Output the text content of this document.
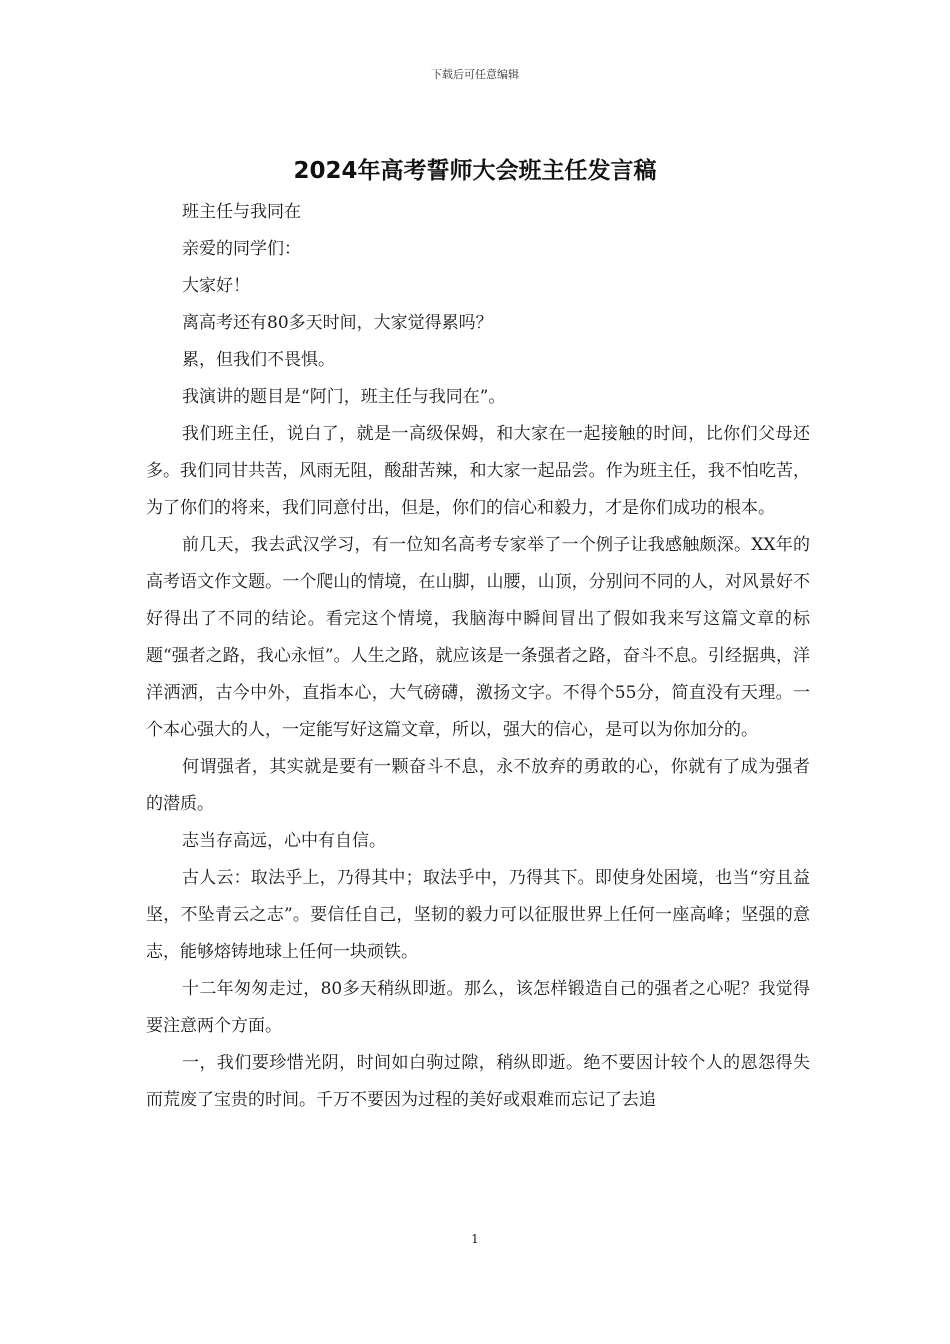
下载后可任意编辑
2024年高考誓师大会班主任发言稿

班主任与我同在

亲爱的同学们：

大家好！

离高考还有80多天时间，大家觉得累吗？

累，但我们不畏惧。

我演讲的题目是“阿门，班主任与我同在”。

我们班主任，说白了，就是一高级保姆，和大家在一起接触的时间，比你们父母还多。我们同甘共苦，风雨无阻，酸甜苦辣，和大家一起品尝。作为班主任，我不怕吃苦，为了你们的将来，我们同意付出，但是，你们的信心和毅力，才是你们成功的根本。

前几天，我去武汉学习，有一位知名高考专家举了一个例子让我感触颇深。XX年的高考语文作文题。一个爬山的情境，在山脚，山腰，山顶，分别问不同的人，对风景好不好得出了不同的结论。看完这个情境，我脑海中瞬间冒出了假如我来写这篇文章的标题“强者之路，我心永恒”。人生之路，就应该是一条强者之路，奋斗不息。引经据典，洋洋洒洒，古今中外，直指本心，大气磅礴，激扬文字。不得个55分，简直没有天理。一个本心强大的人，一定能写好这篇文章，所以，强大的信心，是可以为你加分的。

何谓强者，其实就是要有一颗奋斗不息，永不放弃的勇敢的心，你就有了成为强者的潜质。

志当存高远，心中有自信。

古人云：取法乎上，乃得其中；取法乎中，乃得其下。即使身处困境，也当“穷且益坚，不坠青云之志”。要信任自己，坚韧的毅力可以征服世界上任何一座高峰；坚强的意志，能够熔铸地球上任何一块顽铁。

十二年匆匆走过，80多天稍纵即逝。那么，该怎样锻造自己的强者之心呢？我觉得要注意两个方面。

一，我们要珍惜光阴，时间如白驹过隙，稍纵即逝。绝不要因计较个人的恩怨得失而荒废了宝贵的时间。千万不要因为过程的美好或艰难而忘记了去追

1
